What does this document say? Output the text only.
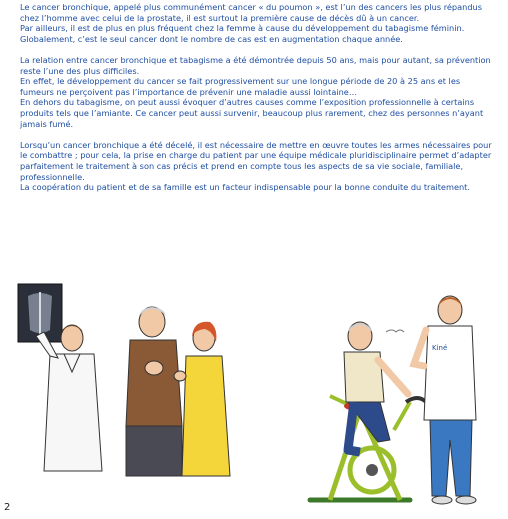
Le cancer bronchique, appelé plus communément cancer « du poumon », est l’un des cancers les plus répandus chez l’homme avec celui de la prostate, il est surtout la première cause de décès dû à un cancer.

Par ailleurs, il est de plus en plus fréquent chez la femme à cause du développement du tabagisme féminin.

Globalement, c’est le seul cancer dont le nombre de cas est en augmentation chaque année.

La relation entre cancer bronchique et tabagisme a été démontrée depuis 50 ans, mais pour autant, sa prévention reste l’une des plus difficiles.

En effet, le développement du cancer se fait progressivement sur une longue période de 20 à 25 ans et les fumeurs ne perçoivent pas l’importance de prévenir une maladie aussi lointaine…

En dehors du tabagisme, on peut aussi évoquer d’autres causes comme l’exposition professionnelle à certains produits tels que l’amiante. Ce cancer peut aussi survenir, beaucoup plus rarement, chez des personnes n’ayant jamais fumé.

Lorsqu’un cancer bronchique a été décelé, il est nécessaire de mettre en œuvre toutes les armes nécessaires pour le combattre ; pour cela, la prise en charge du patient par une équipe médicale pluridisciplinaire permet d’adapter parfaitement le traitement à son cas précis et prend en compte tous les aspects de sa vie sociale, familiale, professionnelle.

La coopération du patient et de sa famille est un facteur indispensable pour la bonne conduite du traitement.

Kiné
2
